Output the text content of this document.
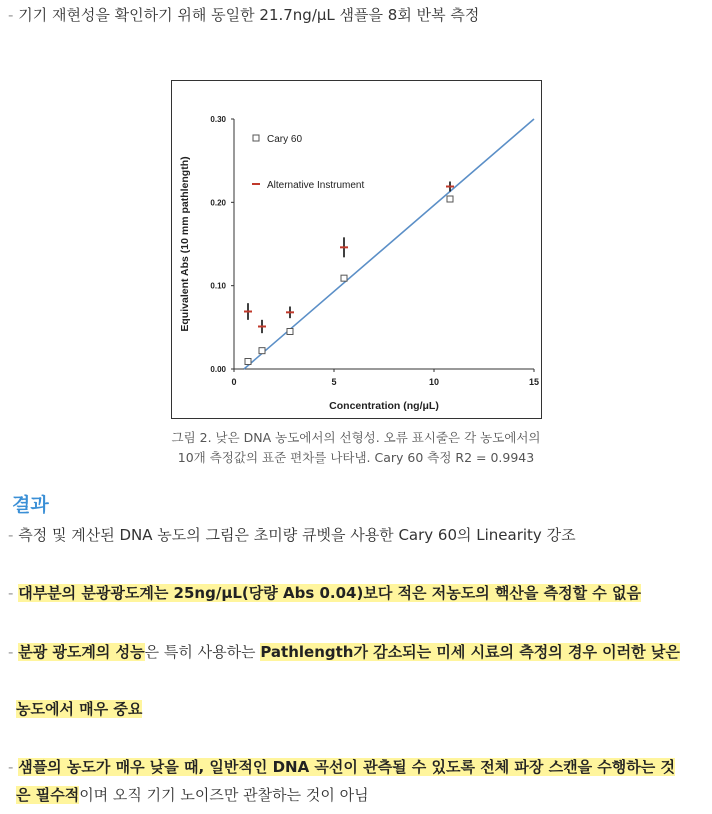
- 기기 재현성을 확인하기 위해 동일한 21.7ng/μL 샘플을 8회 반복 측정
0	5	10	15
0.00
0.10
0.20
0.30
Concentration (ng/μL)
Equivalent Abs (10 mm pathlength)
Cary 60
Alternative Instrument
그림 2. 낮은 DNA 농도에서의 선형성. 오류 표시줄은 각 농도에서의
10개 측정값의 표준 편차를 나타냄. Cary 60 측정 R2 = 0.9943
결과
- 측정 및 계산된 DNA 농도의 그림은 초미량 큐벳을 사용한 Cary 60의 Linearity 강조
- 대부분의 분광광도계는 25ng/μL(당량 Abs 0.04)보다 적은 저농도의 핵산을 측정할 수 없음
- 분광 광도계의 성능은 특히 사용하는 Pathlength가 감소되는 미세 시료의 측정의 경우 이러한 낮은
농도에서 매우 중요
- 샘플의 농도가 매우 낮을 때, 일반적인 DNA 곡선이 관측될 수 있도록 전체 파장 스캔을 수행하는 것
은 필수적이며 오직 기기 노이즈만 관찰하는 것이 아님
